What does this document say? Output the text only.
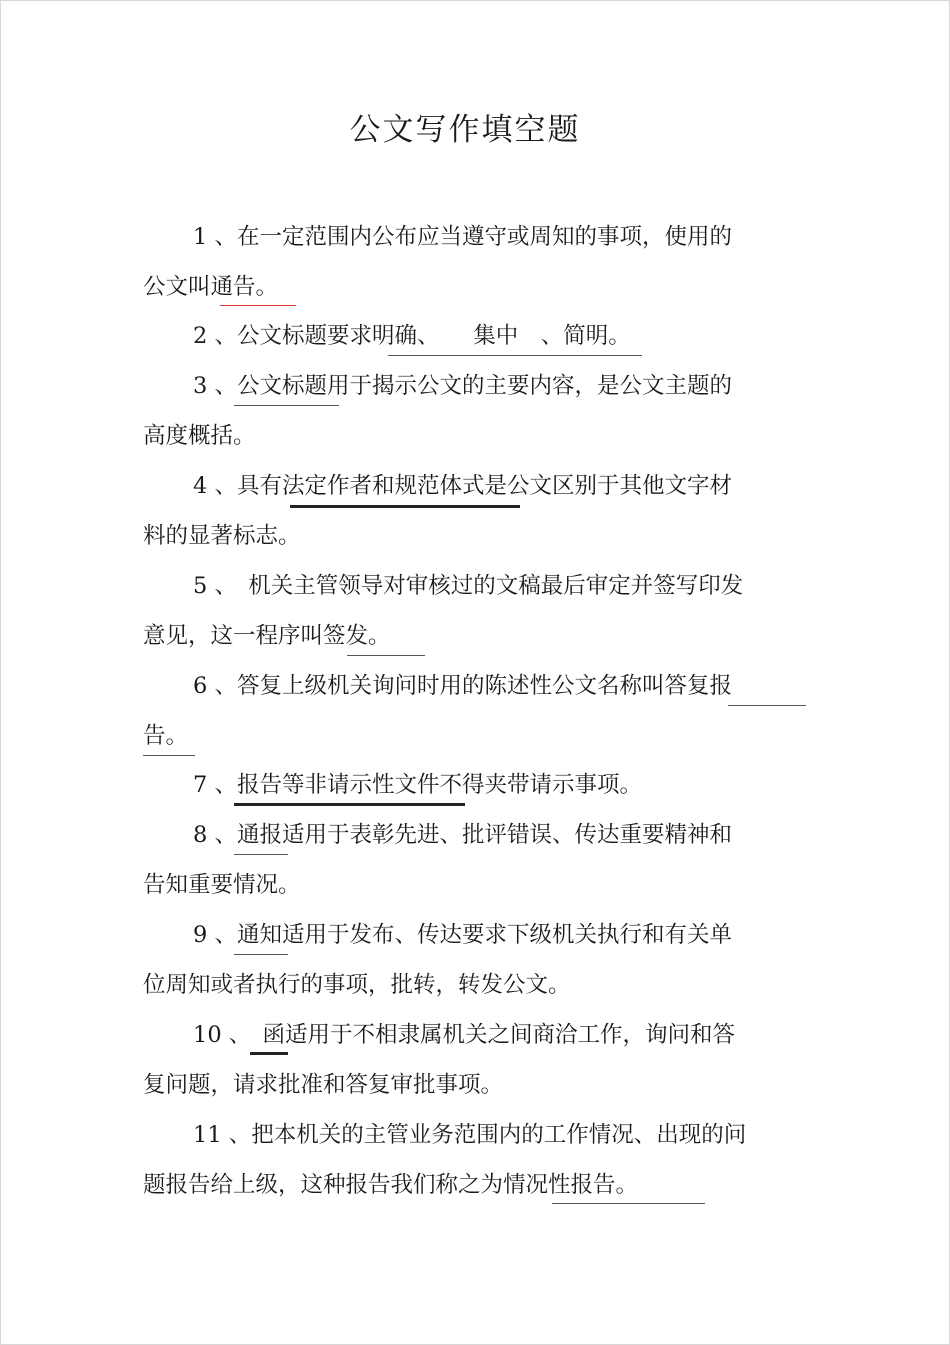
公文写作填空题
1 、在一定范围内公布应当遵守或周知的事项，使用的
公文叫通告。
2 、公文标题要求明确、　　集中　、简明。
3 、公文标题用于揭示公文的主要内容，是公文主题的
高度概括。
4 、具有法定作者和规范体式是公文区别于其他文字材
料的显著标志。
5 、　机关主管领导对审核过的文稿最后审定并签写印发
意见，这一程序叫签发。
6 、答复上级机关询问时用的陈述性公文名称叫答复报
告。
7 、报告等非请示性文件不得夹带请示事项。
8 、通报适用于表彰先进、批评错误、传达重要精神和
告知重要情况。
9 、通知适用于发布、传达要求下级机关执行和有关单
位周知或者执行的事项，批转，转发公文。
10 、　函适用于不相隶属机关之间商洽工作，询问和答
复问题，请求批准和答复审批事项。
11 、把本机关的主管业务范围内的工作情况、出现的问
题报告给上级，这种报告我们称之为情况性报告。
